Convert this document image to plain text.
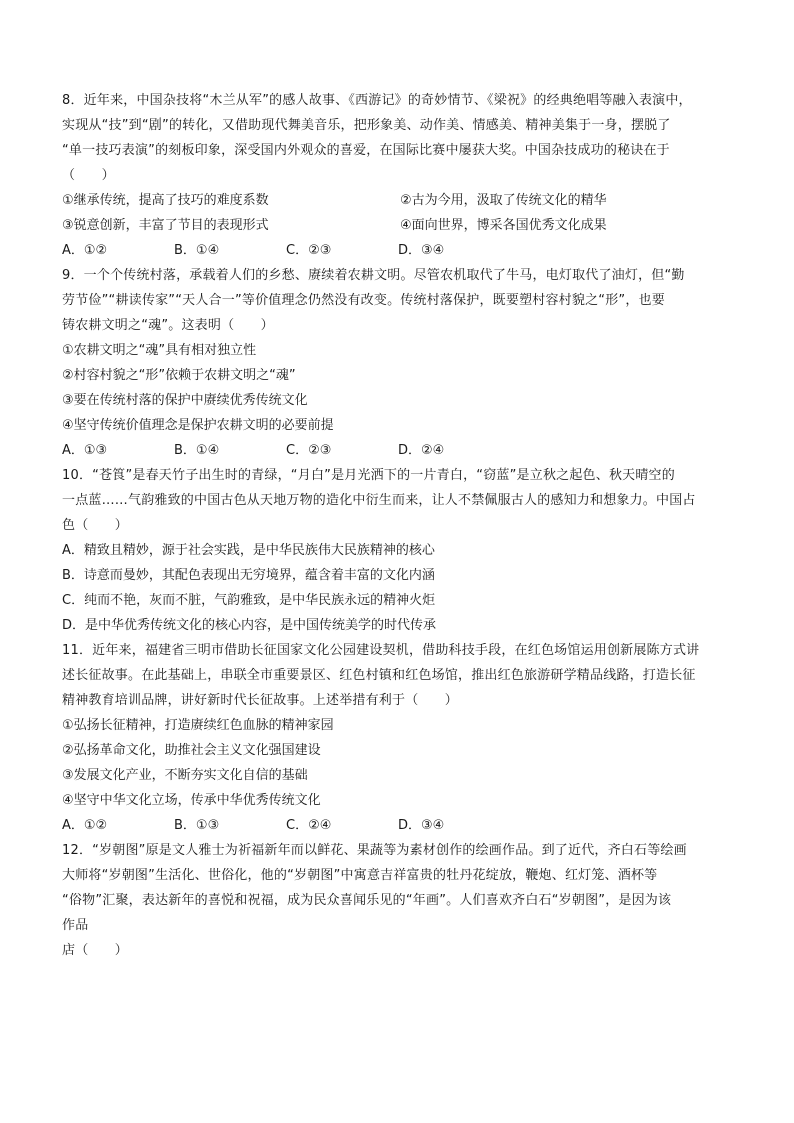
8．近年来，中国杂技将“木兰从军”的感人故事、《西游记》的奇妙情节、《梁祝》的经典绝唱等融入表演中，

实现从“技”到“剧”的转化，又借助现代舞美音乐，把形象美、动作美、情感美、精神美集于一身，摆脱了

“单一技巧表演”的刻板印象，深受国内外观众的喜爱，在国际比赛中屡获大奖。中国杂技成功的秘诀在于

（　　）

①继承传统，提高了技巧的难度系数	②古为今用，汲取了传统文化的精华
③锐意创新，丰富了节目的表现形式	④面向世界，博采各国优秀文化成果
A．①②	B．①④	C．②③	D．③④

9．一个个传统村落，承载着人们的乡愁、赓续着农耕文明。尽管农机取代了牛马，电灯取代了油灯，但“勤

劳节俭”“耕读传家”“天人合一”等价值理念仍然没有改变。传统村落保护，既要塑村容村貌之“形”，也要

铸农耕文明之“魂”。这表明（　　）

①农耕文明之“魂”具有相对独立性

②村容村貌之“形”依赖于农耕文明之“魂”

③要在传统村落的保护中赓续优秀传统文化

④坚守传统价值理念是保护农耕文明的必要前提

A．①③	B．①④	C．②③	D．②④

10．“苍筤”是春天竹子出生时的青绿，“月白”是月光洒下的一片青白，“窃蓝”是立秋之起色、秋天晴空的

一点蓝……气韵雅致的中国古色从天地万物的造化中衍生而来，让人不禁佩服古人的感知力和想象力。中国占

色（　　）

A．精致且精妙，源于社会实践，是中华民族伟大民族精神的核心

B．诗意而曼妙，其配色表现出无穷境界，蕴含着丰富的文化内涵

C．纯而不艳，灰而不脏，气韵雅致，是中华民族永远的精神火炬

D．是中华优秀传统文化的核心内容，是中国传统美学的时代传承

11．近年来，福建省三明市借助长征国家文化公园建设契机，借助科技手段，在红色场馆运用创新展陈方式讲

述长征故事。在此基础上，串联全市重要景区、红色村镇和红色场馆，推出红色旅游研学精品线路，打造长征

精神教育培训品牌，讲好新时代长征故事。上述举措有利于（　　）

①弘扬长征精神，打造赓续红色血脉的精神家园

②弘扬革命文化，助推社会主义文化强国建设

③发展文化产业，不断夯实文化自信的基础

④坚守中华文化立场，传承中华优秀传统文化

A．①②	B．①③	C．②④	D．③④

12．“岁朝图”原是文人雅士为祈福新年而以鲜花、果蔬等为素材创作的绘画作品。到了近代，齐白石等绘画

大师将“岁朝图”生活化、世俗化，他的“岁朝图”中寓意吉祥富贵的牡丹花绽放，鞭炮、红灯笼、酒杯等

“俗物”汇聚，表达新年的喜悦和祝福，成为民众喜闻乐见的“年画”。人们喜欢齐白石“岁朝图”，是因为该

作品

店（　　）
